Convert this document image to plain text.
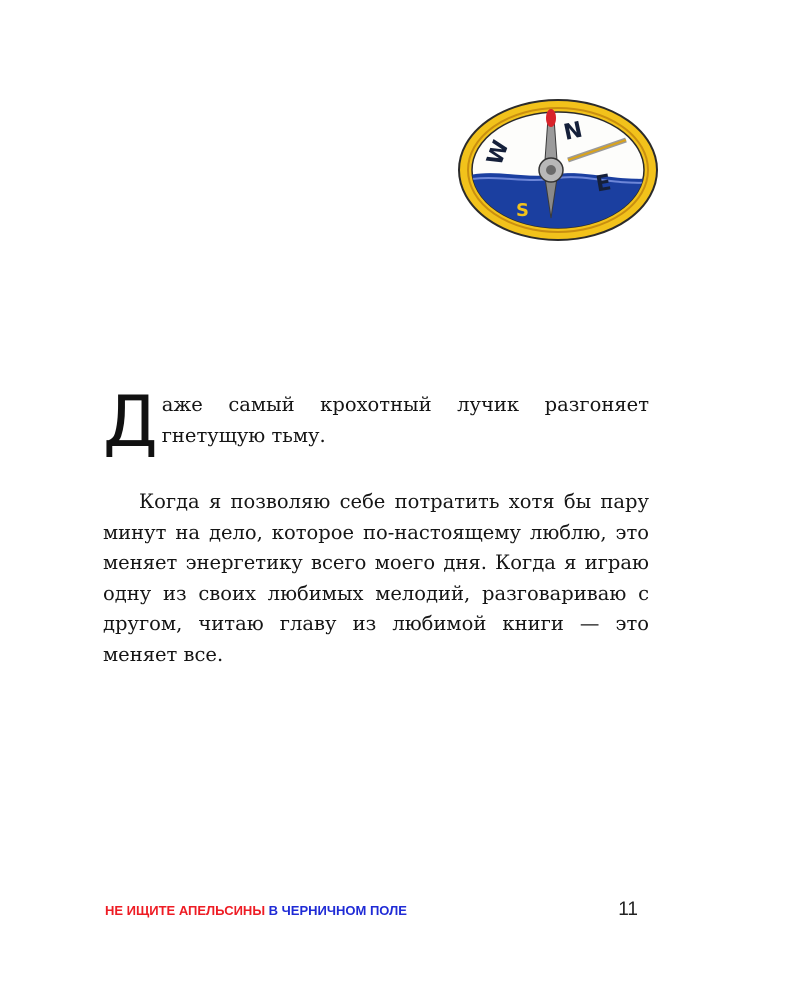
N
E
S
W

Даже самый крохотный лучик разгоняет гнетущую тьму.

Когда я позволяю себе потратить хотя бы пару минут на дело, которое по-настоящему люблю, это меняет энергетику всего моего дня. Когда я играю одну из своих любимых мелодий, разговариваю с другом, читаю главу из любимой книги — это меняет все.

НЕ ИЩИТЕ АПЕЛЬСИНЫ В ЧЕРНИЧНОМ ПОЛЕ	11
